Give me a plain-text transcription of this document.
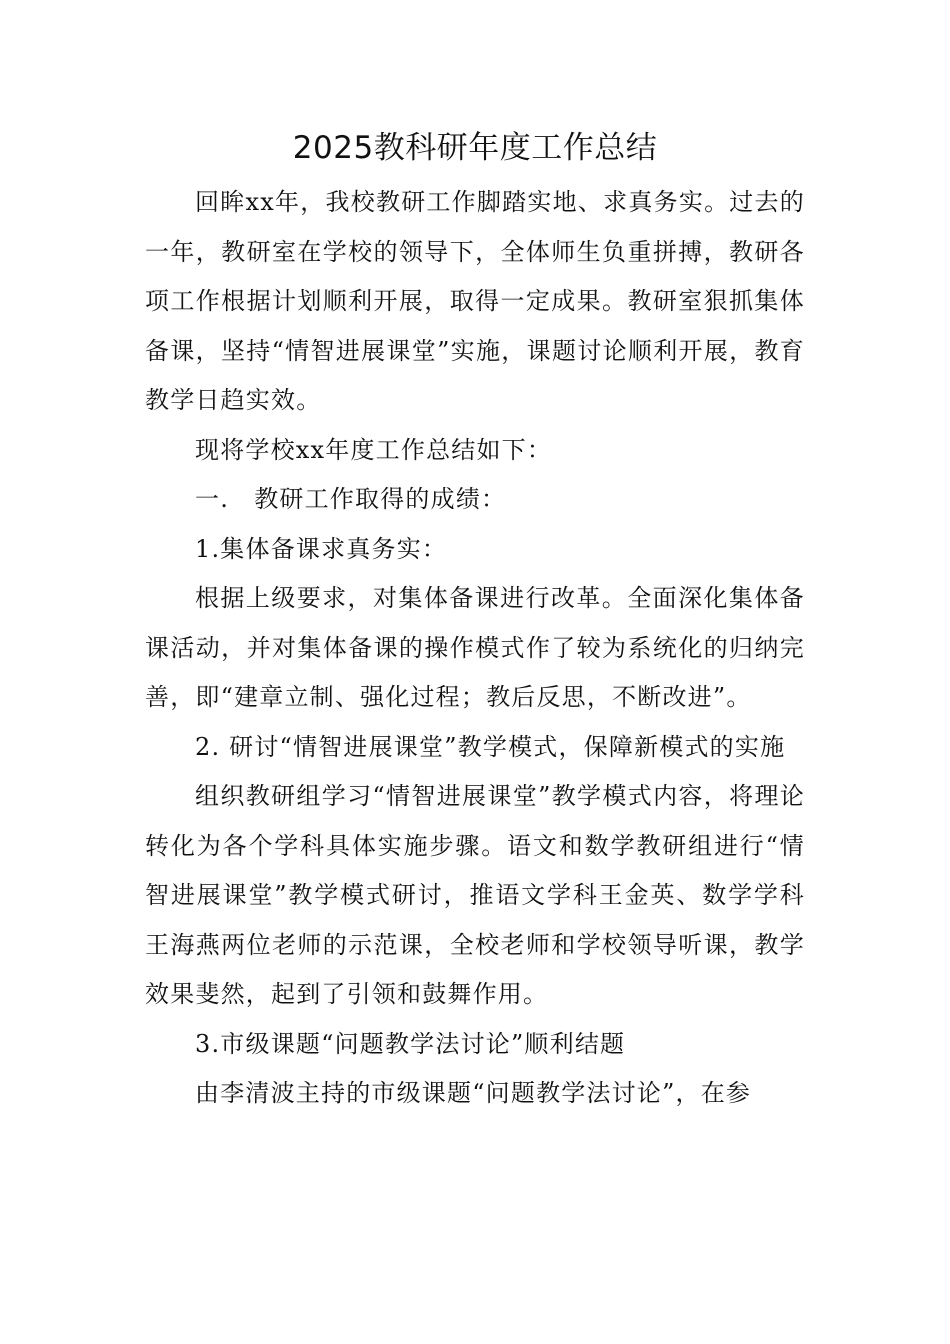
2025教科研年度工作总结

回眸xx年，我校教研工作脚踏实地、求真务实。过去的一年，教研室在学校的领导下，全体师生负重拼搏，教研各项工作根据计划顺利开展，取得一定成果。教研室狠抓集体备课，坚持“情智进展课堂”实施，课题讨论顺利开展，教育教学日趋实效。

现将学校xx年度工作总结如下：

一.　教研工作取得的成绩：

1.集体备课求真务实：

根据上级要求，对集体备课进行改革。全面深化集体备课活动，并对集体备课的操作模式作了较为系统化的归纳完善，即“建章立制、强化过程；教后反思，不断改进”。

2. 研讨“情智进展课堂”教学模式，保障新模式的实施

组织教研组学习“情智进展课堂”教学模式内容，将理论转化为各个学科具体实施步骤。语文和数学教研组进行“情智进展课堂”教学模式研讨，推语文学科王金英、数学学科王海燕两位老师的示范课，全校老师和学校领导听课，教学效果斐然，起到了引领和鼓舞作用。

3.市级课题“问题教学法讨论”顺利结题

由李清波主持的市级课题“问题教学法讨论”，在参
